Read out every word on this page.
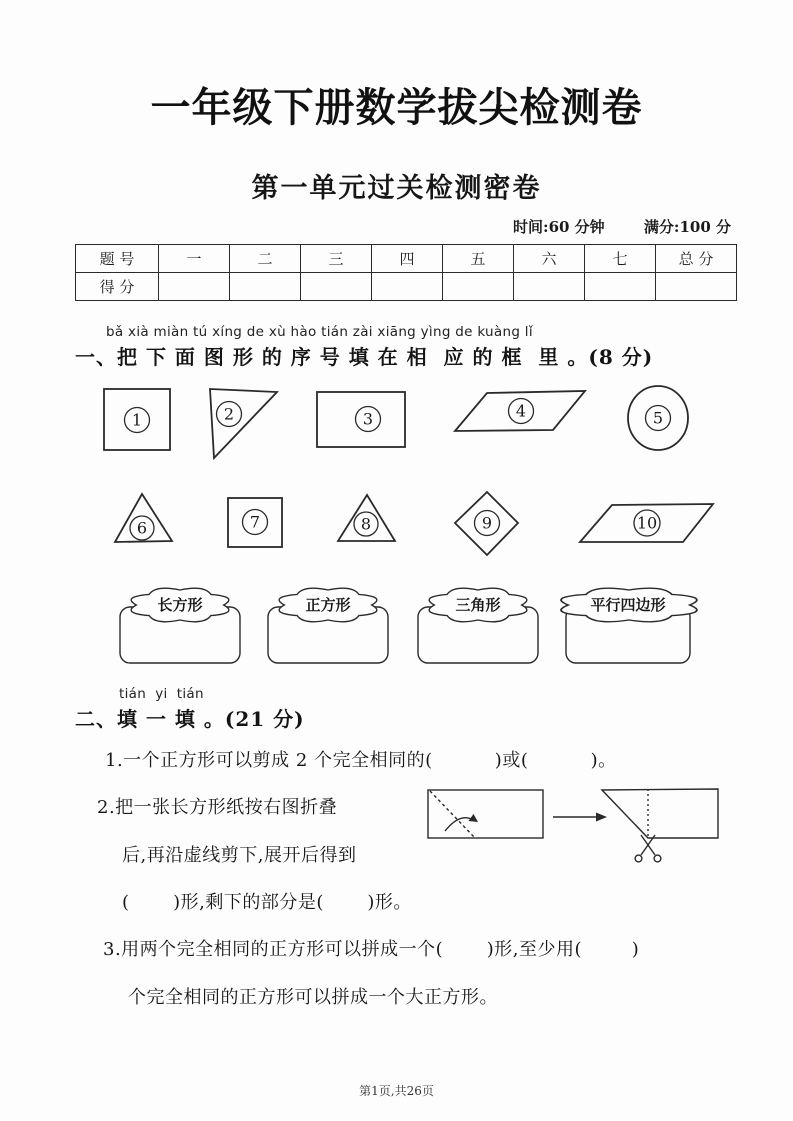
一年级下册数学拔尖检测卷
第一单元过关检测密卷
时间:60 分钟	满分:100 分
题 号	一	二	三	四	五	六	七	总 分
得 分								
bǎ xià miàn tú xíng de xù hào tián zài xiāng yìng de kuàng lǐ
一、把 下 面 图 形 的 序 号 填 在 相  应 的 框  里 。(8 分)
1	2	3	4	5
6	7	8	9	10
长方形	正方形	三角形	平行四边形
tián  yi  tián
二、填 一 填 。(21 分)
1.一个正方形可以剪成 2 个完全相同的(          )或(          )。
2.把一张长方形纸按右图折叠
后,再沿虚线剪下,展开后得到
(       )形,剩下的部分是(       )形。
3.用两个完全相同的正方形可以拼成一个(       )形,至少用(        )
个完全相同的正方形可以拼成一个大正方形。
第1页,共26页
